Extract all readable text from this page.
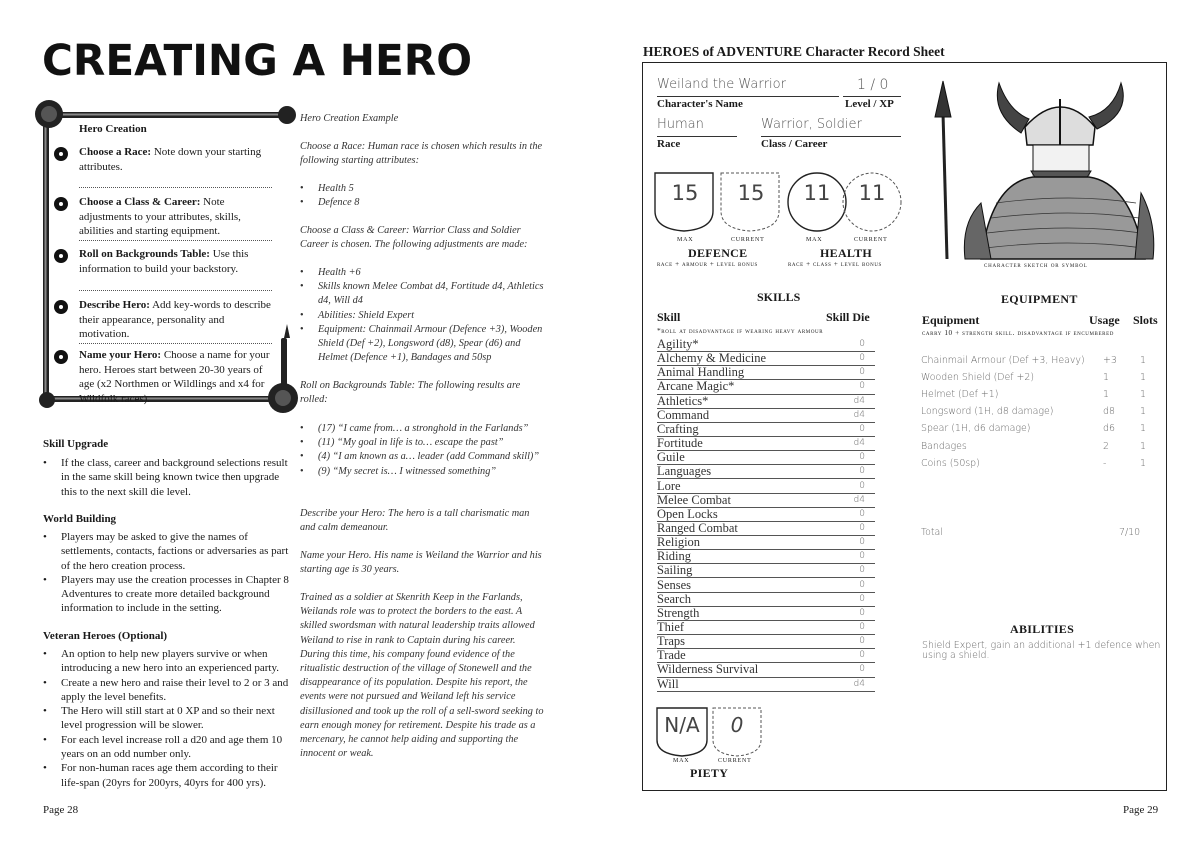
CREATING A HERO
Hero Creation
Choose a Race: Note down your starting attributes.
Choose a Class & Career: Note adjustments to your attributes, skills, abilities and starting equipment.
Roll on Backgrounds Table: Use this information to build your backstory.
Describe Hero: Add key-words to describe their appearance, personality and motivation.
Name your Hero: Choose a name for your hero. Heroes start between 20-30 years of age (x2 Northmen or Wildlings and x4 for Wildfolk races).
Skill Upgrade
• If the class, career and background selections result in the same skill being known twice then upgrade this to the next skill die level.
World Building
• Players may be asked to give the names of settlements, contacts, factions or adversaries as part of the hero creation process.
• Players may use the creation processes in Chapter 8 Adventures to create more detailed background information to include in the setting.
Veteran Heroes (Optional)
• An option to help new players survive or when introducing a new hero into an experienced party.
• Create a new hero and raise their level to 2 or 3 and apply the level benefits.
• The Hero will still start at 0 XP and so their next level progression will be slower.
• For each level increase roll a d20 and age them 10 years on an odd number only.
• For non-human races age them according to their life-span (20yrs for 200yrs, 40yrs for 400 yrs).
Hero Creation Example
Choose a Race: Human race is chosen which results in the following starting attributes:
• Health 5
• Defence 8
Choose a Class & Career: Warrior Class and Soldier Career is chosen. The following adjustments are made:
• Health +6
• Skills known Melee Combat d4, Fortitude d4, Athletics d4, Will d4
• Abilities: Shield Expert
• Equipment: Chainmail Armour (Defence +3), Wooden Shield (Def +2), Longsword (d8), Spear (d6) and Helmet (Defence +1), Bandages and 50sp
Roll on Backgrounds Table: The following results are rolled:
• (17) “I came from… a stronghold in the Farlands”
• (11) “My goal in life is to… escape the past”
• (4) “I am known as a… leader (add Command skill)”
• (9) “My secret is… I witnessed something”
Describe your Hero: The hero is a tall charismatic man and calm demeanour.
Name your Hero. His name is Weiland the Warrior and his starting age is 30 years.
Trained as a soldier at Skenrith Keep in the Farlands, Weilands role was to protect the borders to the east. A skilled swordsman with natural leadership traits allowed Weiland to rise in rank to Captain during his career. During this time, his company found evidence of the ritualistic destruction of the village of Stonewell and the disappearance of its population. Despite his report, the events were not pursued and Weiland left his service disillusioned and took up the roll of a sell-sword seeking to earn enough money for retirement. Despite his trade as a mercenary, he cannot help aiding and supporting the innocent or weak.
Page 28
HEROES of ADVENTURE Character Record Sheet
Weiland the Warrior
Character's Name
1 / 0
Level / XP
Human
Race
Warrior, Soldier
Class / Career
15	15	11	11
max	current	max	current
DEFENCE	HEALTH
race + armour + level bonus	race + class + level bonus	character sketch or symbol
SKILLS
Skill	Skill Die
*roll at disadvantage if wearing heavy armour
Agility*	0
Alchemy & Medicine	0
Animal Handling	0
Arcane Magic*	0
Athletics*	d4
Command	d4
Crafting	0
Fortitude	d4
Guile	0
Languages	0
Lore	0
Melee Combat	d4
Open Locks	0
Ranged Combat	0
Religion	0
Riding	0
Sailing	0
Senses	0
Search	0
Strength	0
Thief	0
Traps	0
Trade	0
Wilderness Survival	0
Will	d4
EQUIPMENT
Equipment	Usage Slots
carry 10 + strength skill. disadvantage if encumbered
Chainmail Armour (Def +3, Heavy) +3 1
Wooden Shield (Def +2)	1	1
Helmet (Def +1)	1	1
Longsword (1H, d8 damage)	d8	1
Spear (1H, d6 damage)	d6	1
Bandages	2	1
Coins (50sp)	-	1
Total	7/10
ABILITIES
Shield Expert, gain an additional +1 defence when using a shield.
N/A	0
max	current
PIETY
Page 29
